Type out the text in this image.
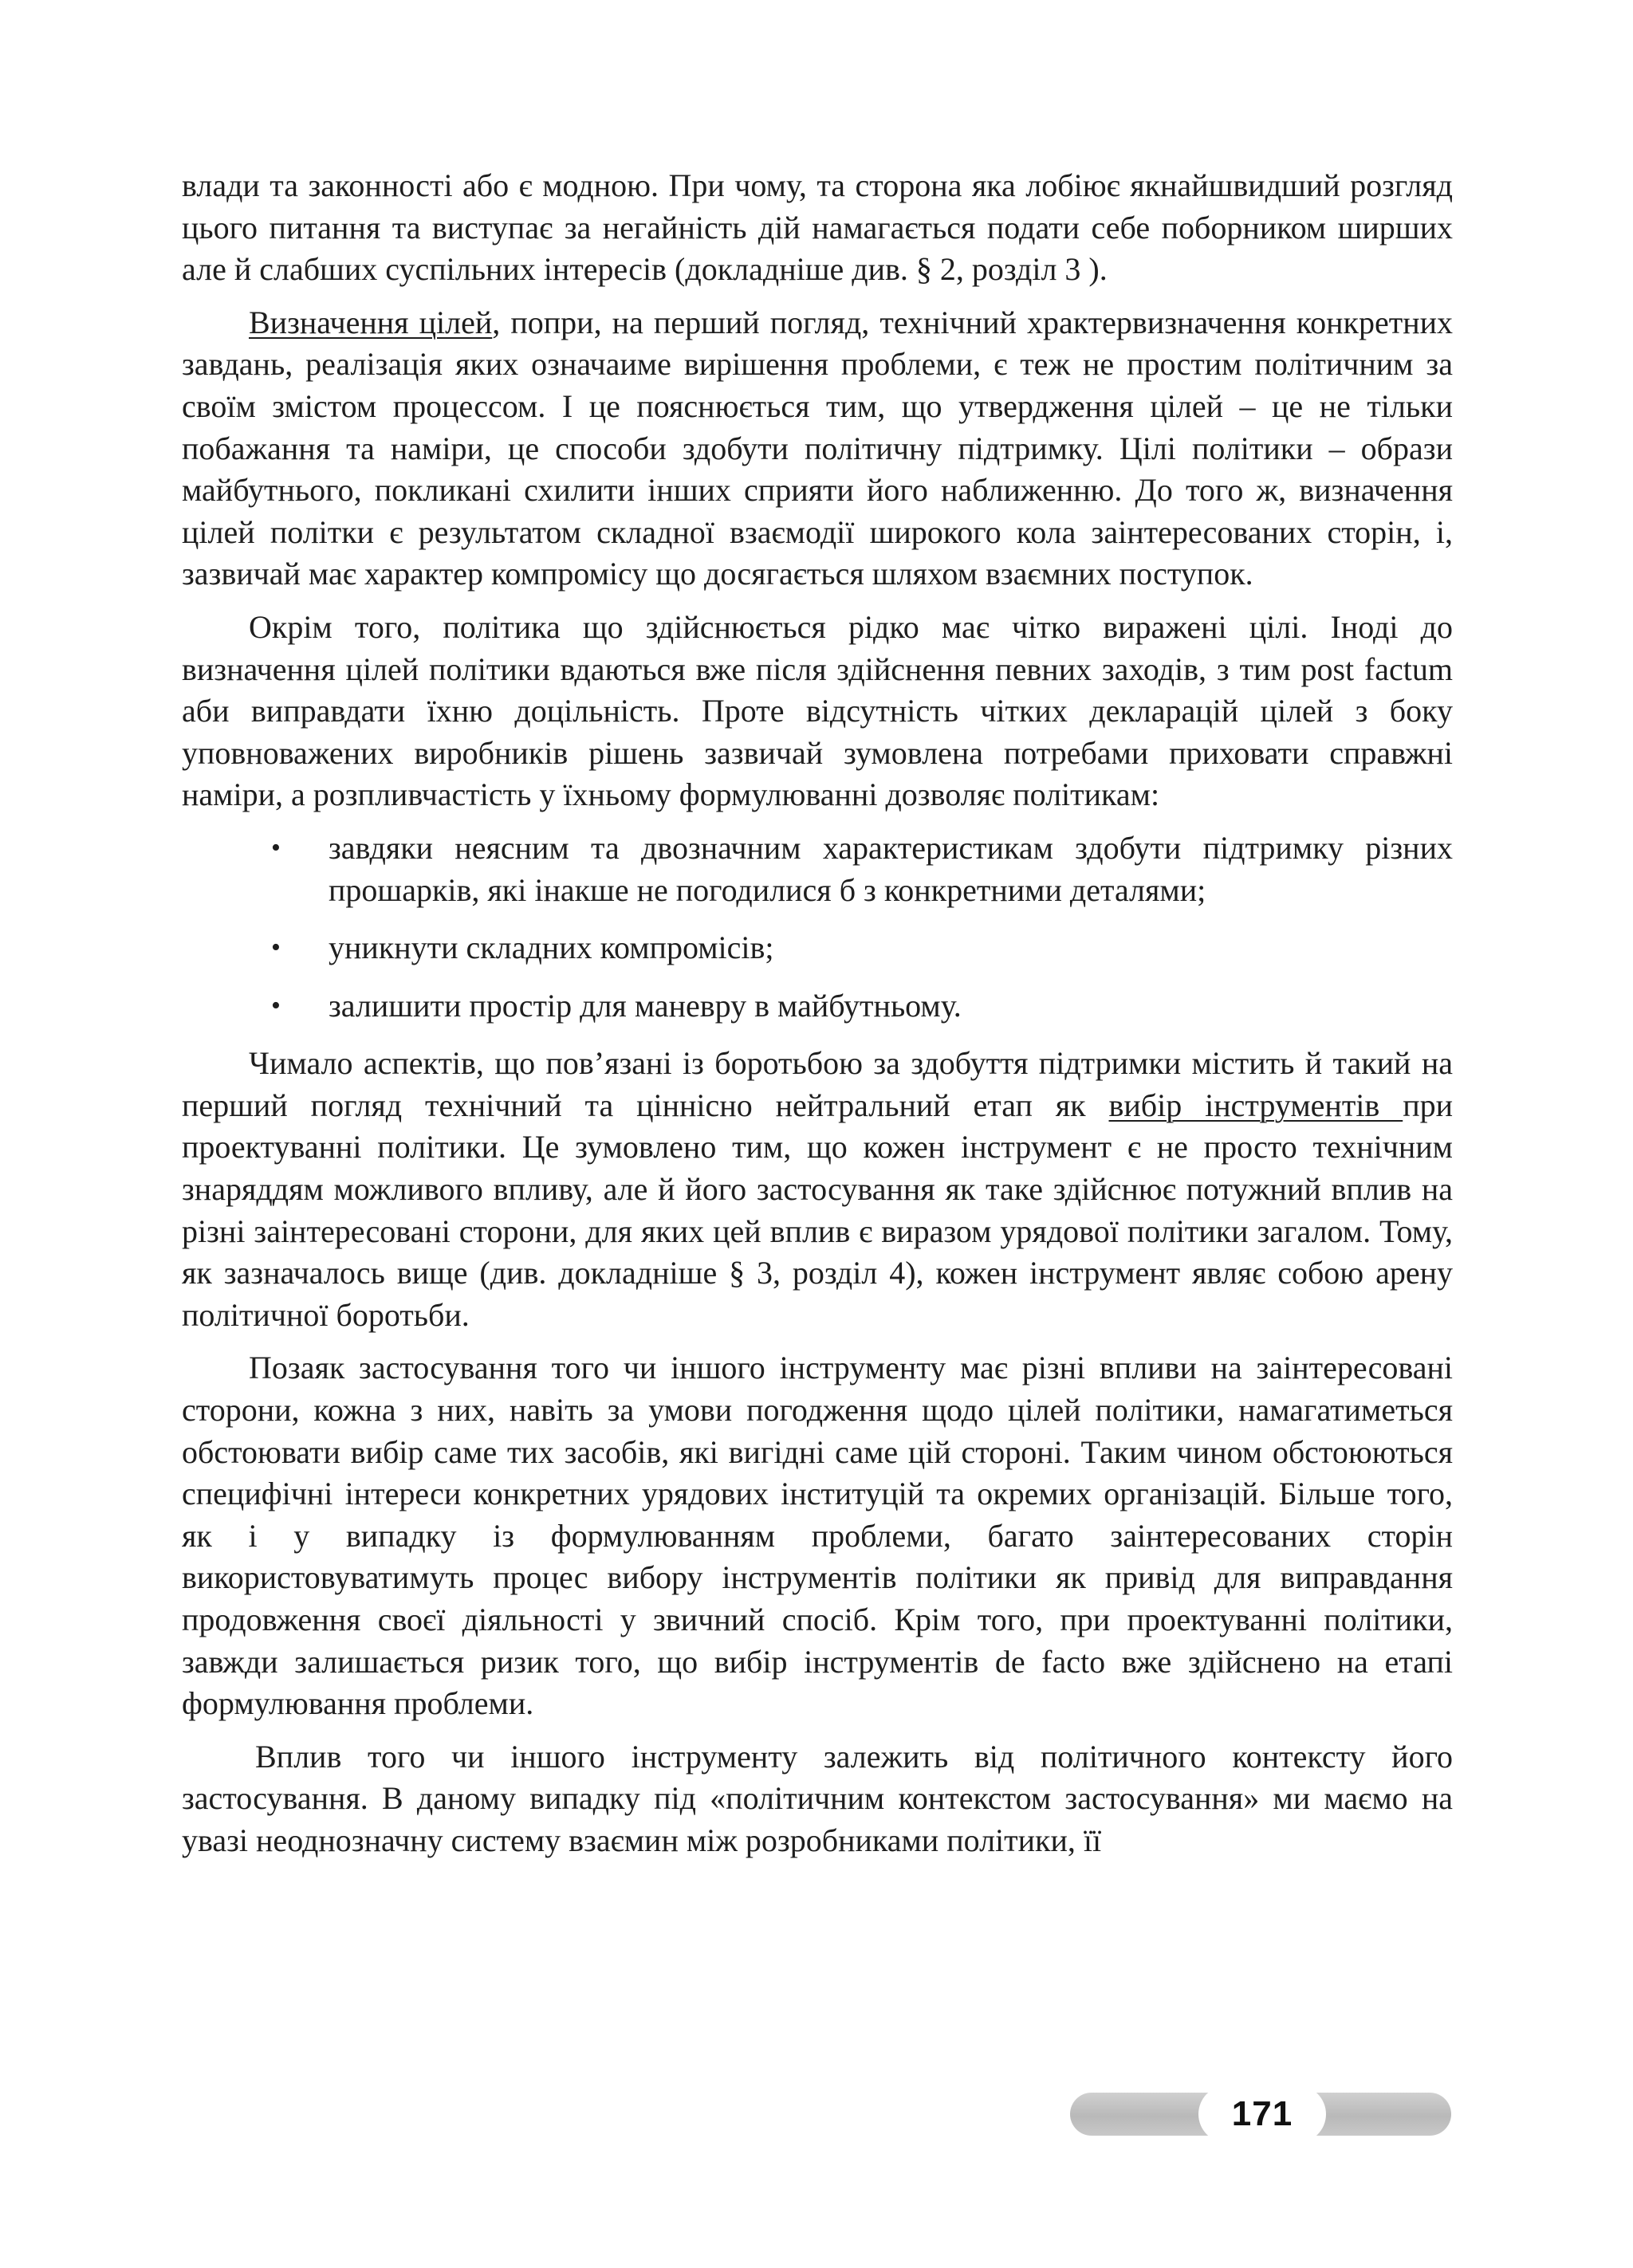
влади та законності або є модною. При чому, та сторона яка лобіює якнайшвидший розгляд цього питання та виступає за негайність дій намагається подати себе поборником ширших але й слабших суспільних інтересів (докладніше див. § 2, розділ 3 ).

Визначення цілей, попри, на перший погляд, технічний храктервизначення конкретних завдань, реалізація яких означаиме вирішення проблеми, є теж не простим політичним за своїм змістом процессом. І це пояснюється тим, що утвердження цілей – це не тільки побажання та наміри, це способи здобути політичну підтримку. Цілі політики – образи майбутнього, покликані схилити інших сприяти його наближенню. До того ж, визначення цілей політки є результатом складної взаємодії широкого кола заінтересованих сторін, і, зазвичай має характер компромісу що досягається шляхом взаємних поступок.

Окрім того, політика що здійснюється рідко має чітко виражені цілі. Іноді до визначення цілей політики вдаються вже після здійснення певних заходів, з тим post factum аби виправдати їхню доцільність. Проте відсутність чітких декларацій цілей з боку уповноважених виробників рішень зазвичай зумовлена потребами приховати справжні наміри, а розпливчастість у їхньому формулюванні дозволяє політикам:

• завдяки неясним та двозначним характеристикам здобути підтримку різних прошарків, які інакше не погодилися б з конкретними деталями;
• уникнути складних компромісів;
• залишити простір для маневру в майбутньому.

Чимало аспектів, що пов’язані із боротьбою за здобуття підтримки містить й такий на перший погляд технічний та ціннісно нейтральний етап як вибір інструментів при проектуванні політики. Це зумовлено тим, що кожен інструмент є не просто технічним знаряддям можливого впливу, але й його застосування як таке здійснює потужний вплив на різні заінтересовані сторони, для яких цей вплив є виразом урядової політики загалом. Тому, як зазначалось вище (див. докладніше § 3, розділ 4), кожен інструмент являє собою арену політичної боротьби.

Позаяк застосування того чи іншого інструменту має різні впливи на заінтересовані сторони, кожна з них, навіть за умови погодження щодо цілей політики, намагатиметься обстоювати вибір саме тих засобів, які вигідні саме цій стороні. Таким чином обстоюються специфічні інтереси конкретних урядових інституцій та окремих організацій. Більше того, як і у випадку із формулюванням проблеми, багато заінтересованих сторін використовуватимуть процес вибору інструментів політики як привід для виправдання продовження своєї діяльності у звичний спосіб. Крім того, при проектуванні політики, завжди залишається ризик того, що вибір інструментів de facto вже здійснено на етапі формулювання проблеми.

Вплив того чи іншого інструменту залежить від політичного контексту його застосування. В даному випадку під «політичним контекстом застосування» ми маємо на увазі неоднозначну систему взаємин між розробниками політики, її

171
